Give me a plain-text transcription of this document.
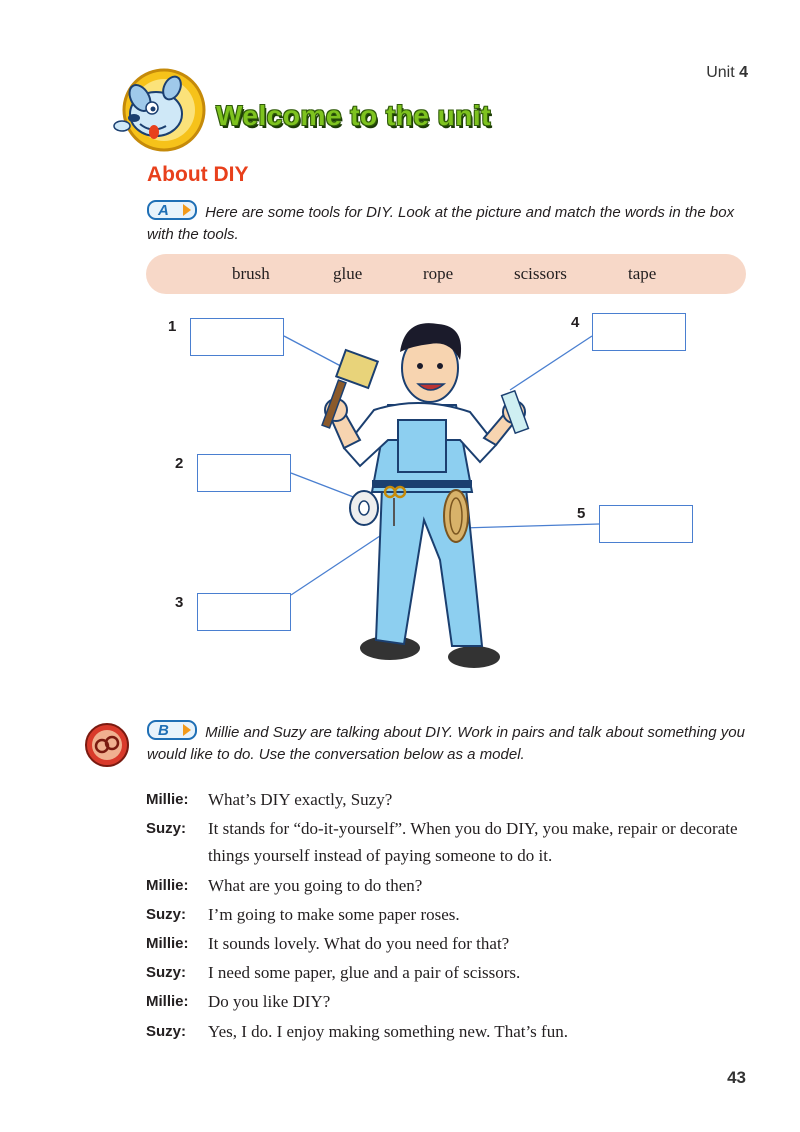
Unit 4
Welcome to the unit
About DIY
A Here are some tools for DIY. Look at the picture and match the words in the box with the tools.
brush	glue	rope	scissors	tape
1
2
3
4
5
B Millie and Suzy are talking about DIY. Work in pairs and talk about something you would like to do. Use the conversation below as a model.
Millie: What’s DIY exactly, Suzy?
Suzy: It stands for “do-it-yourself”. When you do DIY, you make, repair or decorate things yourself instead of paying someone to do it.
Millie: What are you going to do then?
Suzy: I’m going to make some paper roses.
Millie: It sounds lovely. What do you need for that?
Suzy: I need some paper, glue and a pair of scissors.
Millie: Do you like DIY?
Suzy: Yes, I do. I enjoy making something new. That’s fun.
43
